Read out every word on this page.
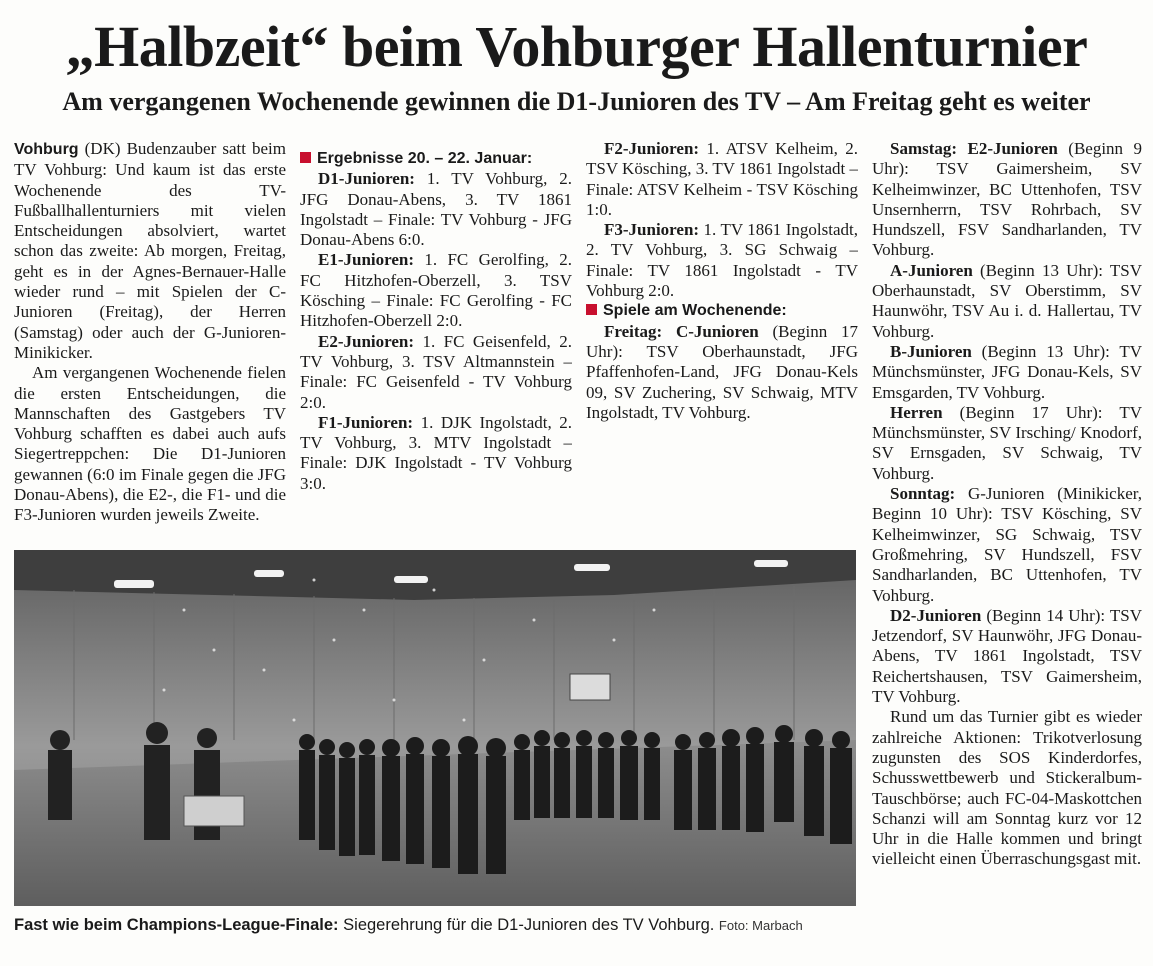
„Halbzeit“ beim Vohburger Hallenturnier
Am vergangenen Wochenende gewinnen die D1-Junioren des TV – Am Freitag geht es weiter

Vohburg (DK) Budenzauber satt beim TV Vohburg: Und kaum ist das erste Wochenende des TV-Fußballhallenturniers mit vielen Entscheidungen absolviert, wartet schon das zweite: Ab morgen, Freitag, geht es in der Agnes-Bernauer-Halle wieder rund – mit Spielen der C-Junioren (Freitag), der Herren (Samstag) oder auch der G-Junioren-Minikicker.

Am vergangenen Wochenende fielen die ersten Entscheidungen, die Mannschaften des Gastgebers TV Vohburg schafften es dabei auch aufs Siegertreppchen: Die D1-Junioren gewannen (6:0 im Finale gegen die JFG Donau-Abens), die E2-, die F1- und die F3-Junioren wurden jeweils Zweite.

Ergebnisse 20. – 22. Januar:

D1-Junioren: 1. TV Vohburg, 2. JFG Donau-Abens, 3. TV 1861 Ingolstadt – Finale: TV Vohburg - JFG Donau-Abens 6:0.

E1-Junioren: 1. FC Gerolfing, 2. FC Hitzhofen-Oberzell, 3. TSV Kösching – Finale: FC Gerolfing - FC Hitzhofen-Oberzell 2:0.

E2-Junioren: 1. FC Geisenfeld, 2. TV Vohburg, 3. TSV Altmannstein – Finale: FC Geisenfeld - TV Vohburg 2:0.

F1-Junioren: 1. DJK Ingolstadt, 2. TV Vohburg, 3. MTV Ingolstadt – Finale: DJK Ingolstadt - TV Vohburg 3:0.

F2-Junioren: 1. ATSV Kelheim, 2. TSV Kösching, 3. TV 1861 Ingolstadt – Finale: ATSV Kelheim - TSV Kösching 1:0.

F3-Junioren: 1. TV 1861 Ingolstadt, 2. TV Vohburg, 3. SG Schwaig – Finale: TV 1861 Ingolstadt - TV Vohburg 2:0.

Spiele am Wochenende:

Freitag: C-Junioren (Beginn 17 Uhr): TSV Oberhaunstadt, JFG Pfaffenhofen-Land, JFG Donau-Kels 09, SV Zuchering, SV Schwaig, MTV Ingolstadt, TV Vohburg.

Samstag: E2-Junioren (Beginn 9 Uhr): TSV Gaimersheim, SV Kelheimwinzer, BC Uttenhofen, TSV Unsernherrn, TSV Rohrbach, SV Hundszell, FSV Sandharlanden, TV Vohburg.

A-Junioren (Beginn 13 Uhr): TSV Oberhaunstadt, SV Oberstimm, SV Haunwöhr, TSV Au i. d. Hallertau, TV Vohburg.

B-Junioren (Beginn 13 Uhr): TV Münchsmünster, JFG Donau-Kels, SV Emsgarden, TV Vohburg.

Herren (Beginn 17 Uhr): TV Münchsmünster, SV Irsching/ Knodorf, SV Ernsgaden, SV Schwaig, TV Vohburg.

Sonntag: G-Junioren (Minikicker, Beginn 10 Uhr): TSV Kösching, SV Kelheimwinzer, SG Schwaig, TSV Großmehring, SV Hundszell, FSV Sandharlanden, BC Uttenhofen, TV Vohburg.

D2-Junioren (Beginn 14 Uhr): TSV Jetzendorf, SV Haunwöhr, JFG Donau-Abens, TV 1861 Ingolstadt, TSV Reichertshausen, TSV Gaimersheim, TV Vohburg.

Rund um das Turnier gibt es wieder zahlreiche Aktionen: Trikotverlosung zugunsten des SOS Kinderdorfes, Schusswettbewerb und Stickeralbum-Tauschbörse; auch FC-04-Maskottchen Schanzi will am Sonntag kurz vor 12 Uhr in die Halle kommen und bringt vielleicht einen Überraschungsgast mit.

Fast wie beim Champions-League-Finale: Siegerehrung für die D1-Junioren des TV Vohburg. Foto: Marbach
